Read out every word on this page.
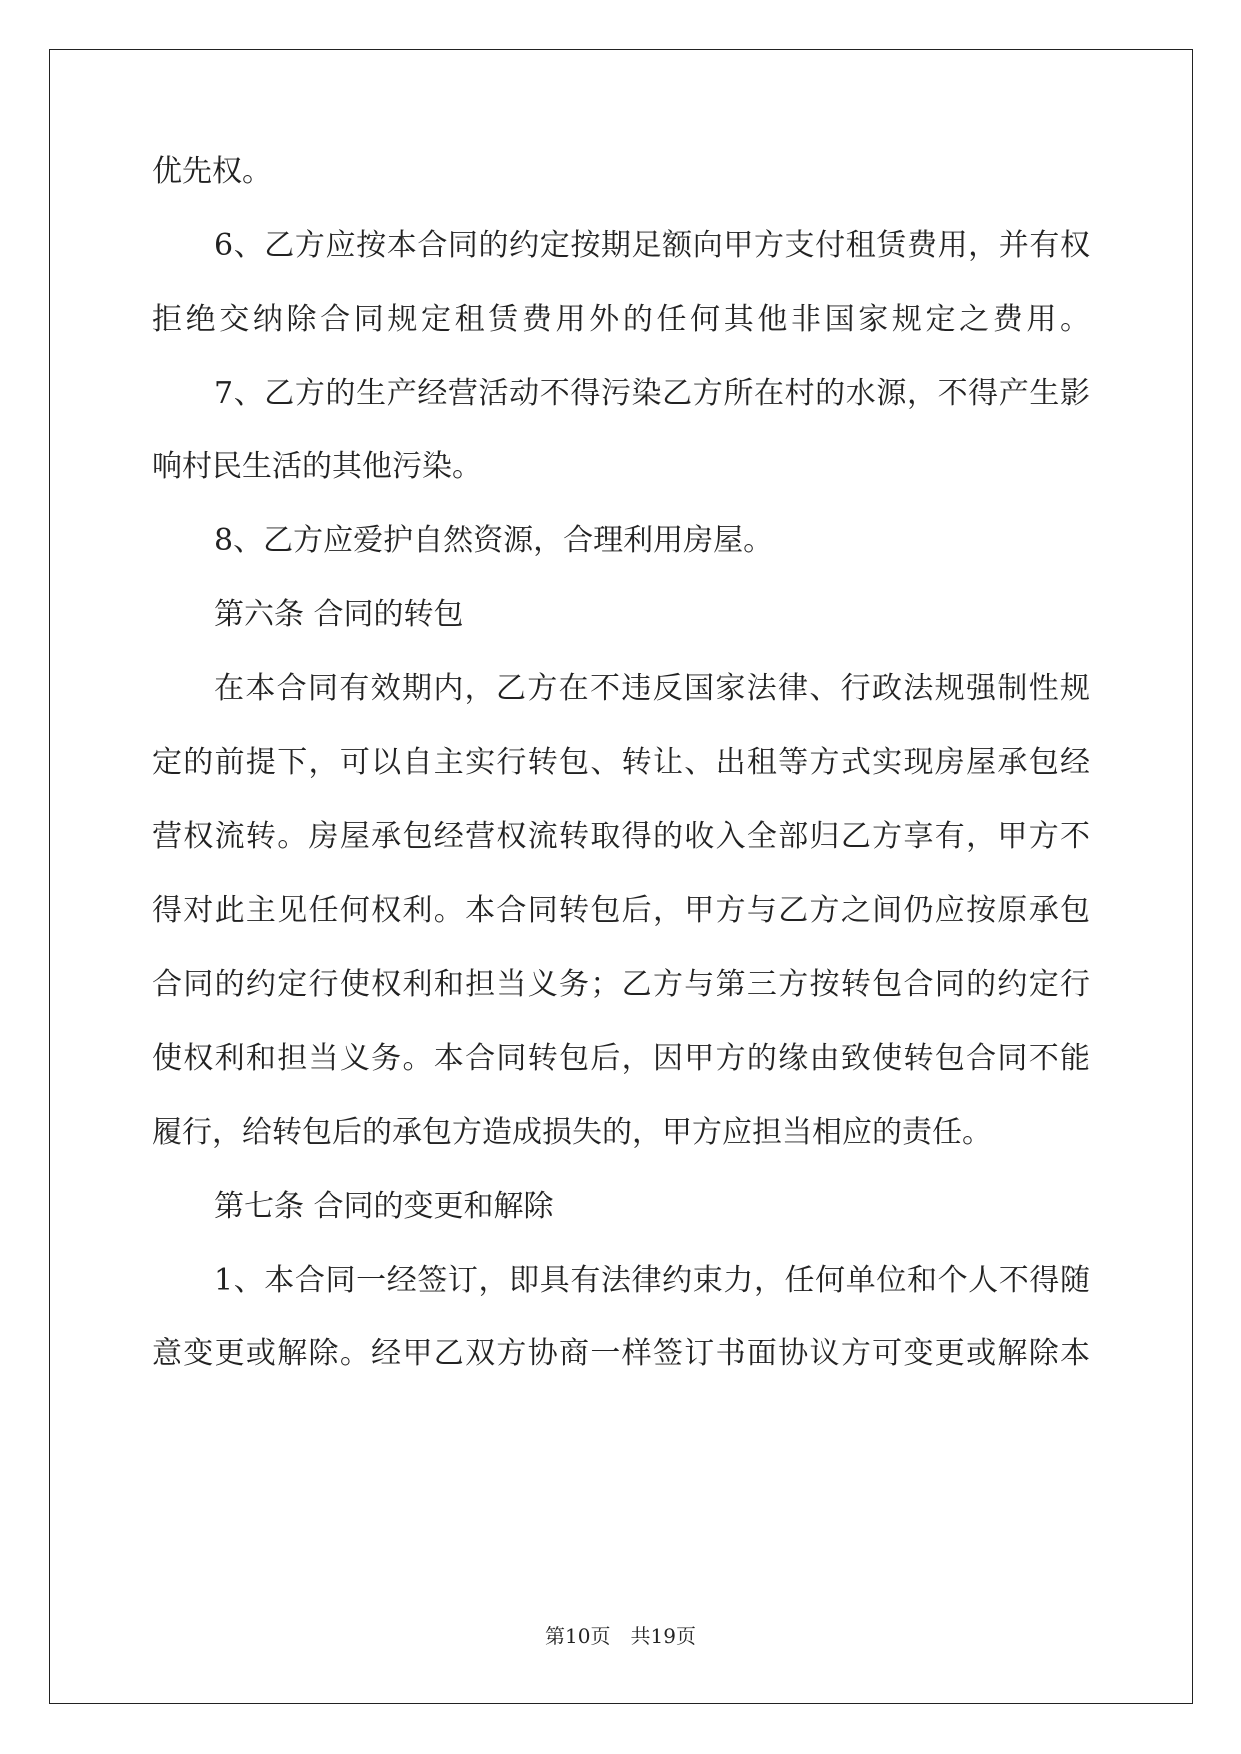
优先权。
6、乙方应按本合同的约定按期足额向甲方支付租赁费用，并有权
拒绝交纳除合同规定租赁费用外的任何其他非国家规定之费用。
7、乙方的生产经营活动不得污染乙方所在村的水源，不得产生影
响村民生活的其他污染。
8、乙方应爱护自然资源，合理利用房屋。
第六条 合同的转包
在本合同有效期内，乙方在不违反国家法律、行政法规强制性规
定的前提下，可以自主实行转包、转让、出租等方式实现房屋承包经
营权流转。房屋承包经营权流转取得的收入全部归乙方享有，甲方不
得对此主见任何权利。本合同转包后，甲方与乙方之间仍应按原承包
合同的约定行使权利和担当义务；乙方与第三方按转包合同的约定行
使权利和担当义务。本合同转包后，因甲方的缘由致使转包合同不能
履行，给转包后的承包方造成损失的，甲方应担当相应的责任。
第七条 合同的变更和解除
1、本合同一经签订，即具有法律约束力，任何单位和个人不得随
意变更或解除。经甲乙双方协商一样签订书面协议方可变更或解除本
第10页　共19页
